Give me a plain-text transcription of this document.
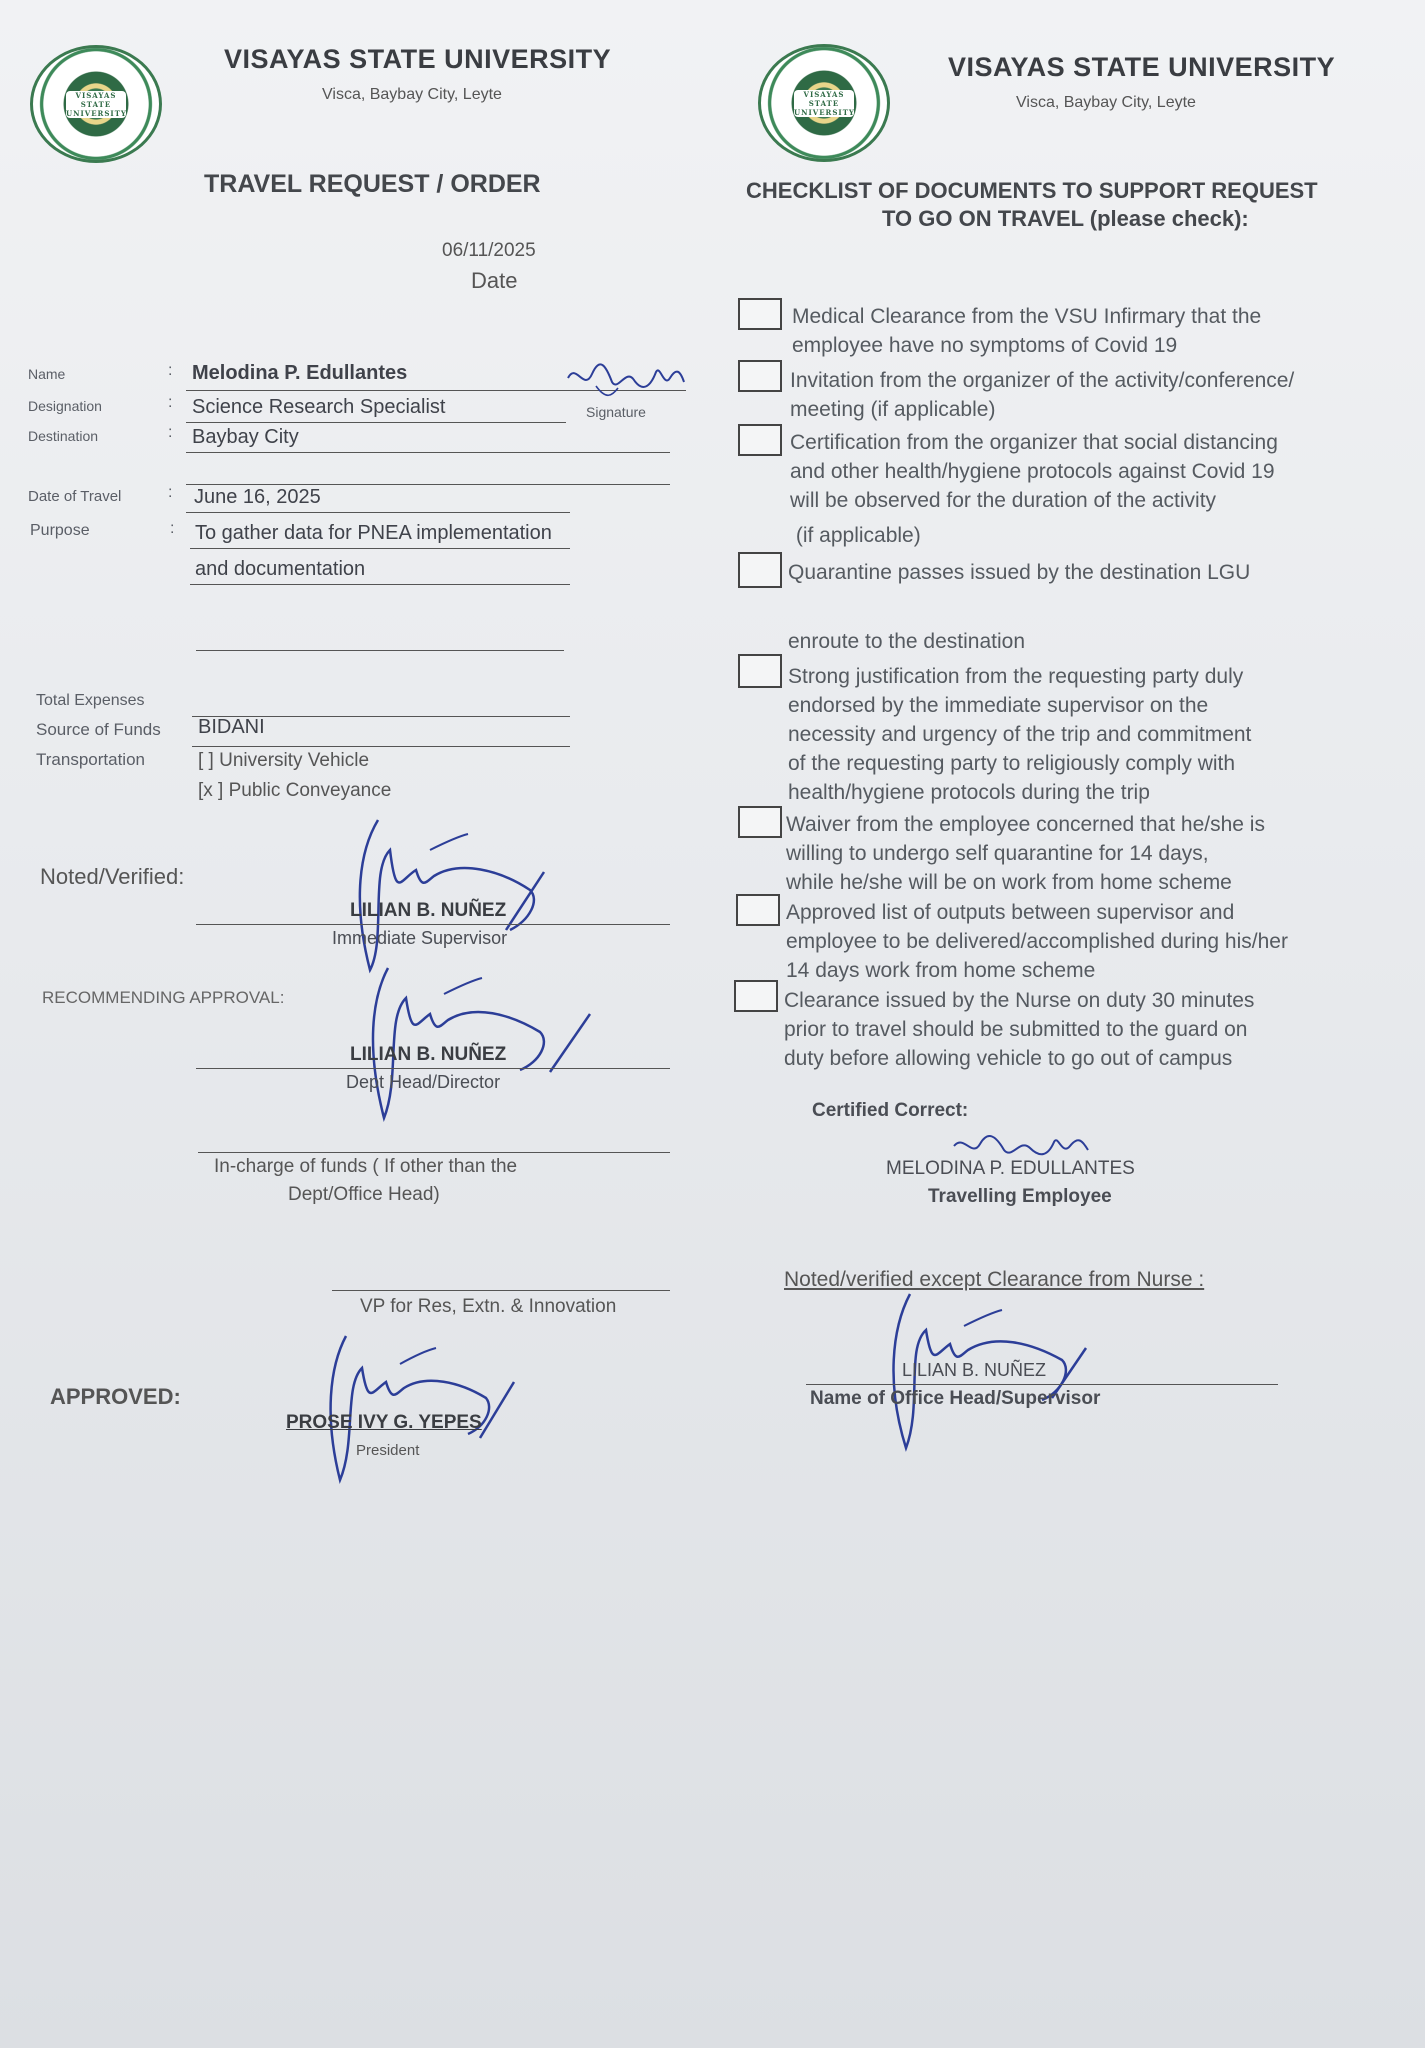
VISAYAS STATE UNIVERSITY
VISAYAS STATE UNIVERSITY
Visca, Baybay City, Leyte
TRAVEL REQUEST / ORDER
06/11/2025
Date
Name	: Melodina P. Edullantes
Signature
Designation	: Science Research Specialist
Destination	: Baybay City
Date of Travel	: June 16, 2025
Purpose	: To gather data for PNEA implementation
and documentation
Total Expenses
Source of Funds BIDANI
Transportation	[ ] University Vehicle
[x ] Public Conveyance
Noted/Verified:
LILIAN B. NUÑEZ
Immediate Supervisor
RECOMMENDING APPROVAL:
LILIAN B. NUÑEZ
Dept Head/Director
In-charge of funds ( If other than the
Dept/Office Head)
VP for Res, Extn. & Innovation
APPROVED:
PROSE IVY G. YEPES
President
VISAYAS STATE UNIVERSITY
VISAYAS STATE UNIVERSITY
Visca, Baybay City, Leyte
CHECKLIST OF DOCUMENTS TO SUPPORT REQUEST
TO GO ON TRAVEL (please check):
Medical Clearance from the VSU Infirmary that the
employee have no symptoms of Covid 19
Invitation from the organizer of the activity/conference/
meeting (if applicable)
Certification from the organizer that social distancing
and other health/hygiene protocols against Covid 19
will be observed for the duration of the activity
(if applicable)
Quarantine passes issued by the destination LGU
enroute to the destination
Strong justification from the requesting party duly
endorsed by the immediate supervisor on the
necessity and urgency of the trip and commitment
of the requesting party to religiously comply with
health/hygiene protocols during the trip
Waiver from the employee concerned that he/she is
willing to undergo self quarantine for 14 days,
while he/she will be on work from home scheme
Approved list of outputs between supervisor and
employee to be delivered/accomplished during his/her
14 days work from home scheme
Clearance issued by the Nurse on duty 30 minutes
prior to travel should be submitted to the guard on
duty before allowing vehicle to go out of campus
Certified Correct:
MELODINA P. EDULLANTES
Travelling Employee
Noted/verified except Clearance from Nurse :
LILIAN B. NUÑEZ
Name of Office Head/Supervisor
